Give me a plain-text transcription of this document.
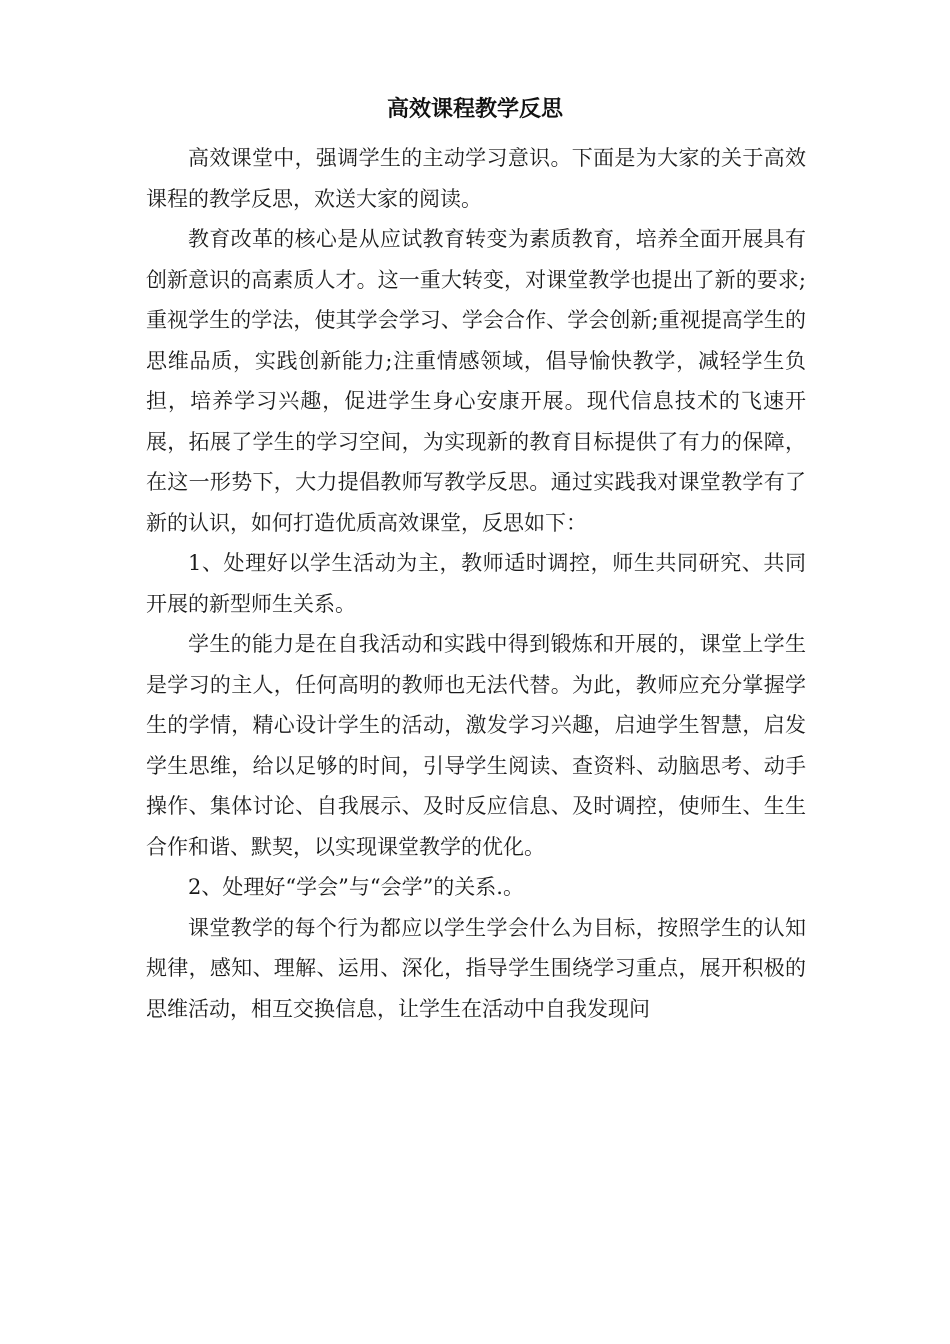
高效课程教学反思

高效课堂中，强调学生的主动学习意识。下面是为大家的关于高效课程的教学反思，欢送大家的阅读。

教育改革的核心是从应试教育转变为素质教育，培养全面开展具有创新意识的高素质人才。这一重大转变，对课堂教学也提出了新的要求;重视学生的学法，使其学会学习、学会合作、学会创新;重视提高学生的思维品质，实践创新能力;注重情感领域，倡导愉快教学，减轻学生负担，培养学习兴趣，促进学生身心安康开展。现代信息技术的飞速开展，拓展了学生的学习空间，为实现新的教育目标提供了有力的保障，在这一形势下，大力提倡教师写教学反思。通过实践我对课堂教学有了新的认识，如何打造优质高效课堂，反思如下：

1、处理好以学生活动为主，教师适时调控，师生共同研究、共同开展的新型师生关系。

学生的能力是在自我活动和实践中得到锻炼和开展的，课堂上学生是学习的主人，任何高明的教师也无法代替。为此，教师应充分掌握学生的学情，精心设计学生的活动，激发学习兴趣，启迪学生智慧，启发学生思维，给以足够的时间，引导学生阅读、查资料、动脑思考、动手操作、集体讨论、自我展示、及时反应信息、及时调控，使师生、生生合作和谐、默契，以实现课堂教学的优化。

2、处理好“学会”与“会学”的关系.。

课堂教学的每个行为都应以学生学会什么为目标，按照学生的认知规律，感知、理解、运用、深化，指导学生围绕学习重点，展开积极的思维活动，相互交换信息，让学生在活动中自我发现问
